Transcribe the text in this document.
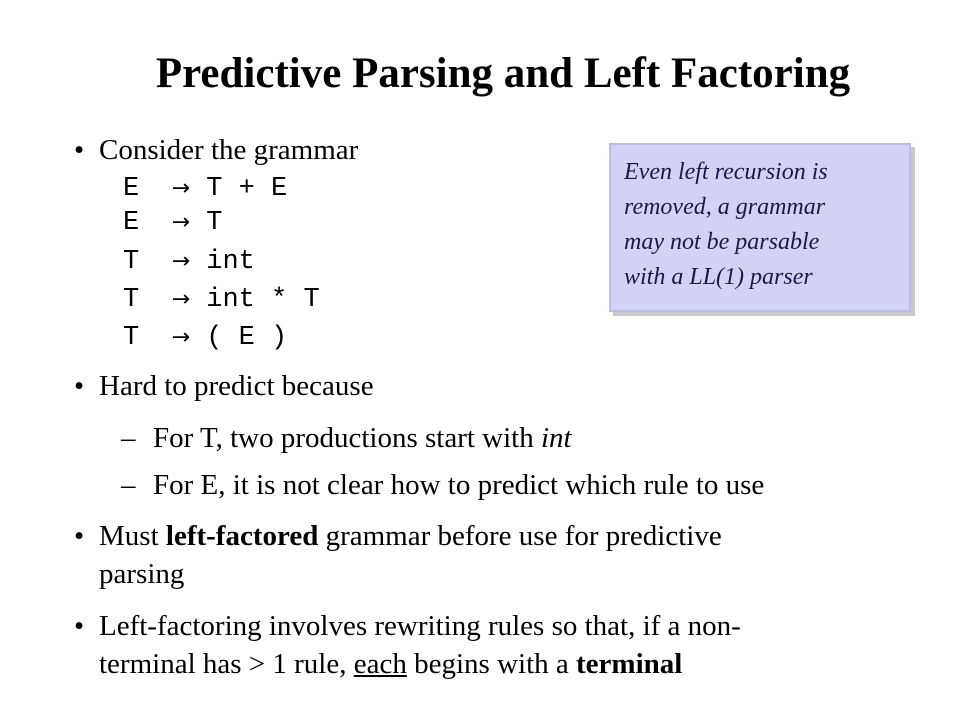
Predictive Parsing and Left Factoring
• Consider the grammar
E → T + E
E → T
T → int
T → int * T
T → ( E )
Even left recursion is
removed, a grammar
may not be parsable
with a LL(1) parser
• Hard to predict because
– For T, two productions start with int
– For E, it is not clear how to predict which rule to use
• Must left-factored grammar before use for predictive
parsing
• Left-factoring involves rewriting rules so that, if a non-
terminal has > 1 rule, each begins with a terminal
